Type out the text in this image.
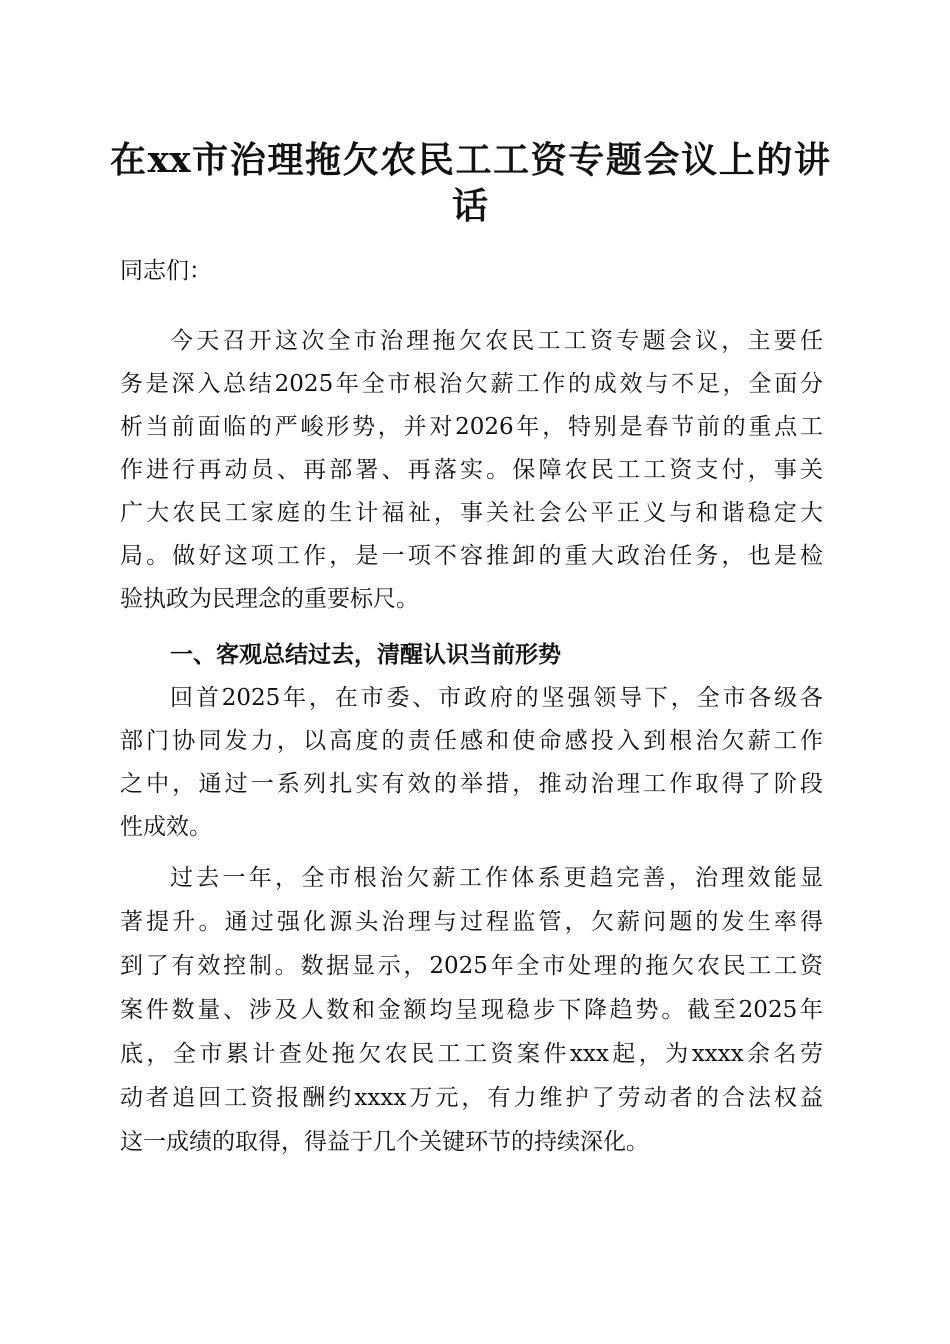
在xx市治理拖欠农民工工资专题会议上的讲
话
同志们：
今天召开这次全市治理拖欠农民工工资专题会议，主要任
务是深入总结2025年全市根治欠薪工作的成效与不足，全面分
析当前面临的严峻形势，并对2026年，特别是春节前的重点工
作进行再动员、再部署、再落实。保障农民工工资支付，事关
广大农民工家庭的生计福祉，事关社会公平正义与和谐稳定大
局。做好这项工作，是一项不容推卸的重大政治任务，也是检
验执政为民理念的重要标尺。
一、客观总结过去，清醒认识当前形势
回首2025年，在市委、市政府的坚强领导下，全市各级各
部门协同发力，以高度的责任感和使命感投入到根治欠薪工作
之中，通过一系列扎实有效的举措，推动治理工作取得了阶段
性成效。
过去一年，全市根治欠薪工作体系更趋完善，治理效能显
著提升。通过强化源头治理与过程监管，欠薪问题的发生率得
到了有效控制。数据显示，2025年全市处理的拖欠农民工工资
案件数量、涉及人数和金额均呈现稳步下降趋势。截至2025年
底，全市累计查处拖欠农民工工资案件xxx起，为xxxx余名劳
动者追回工资报酬约xxxx万元，有力维护了劳动者的合法权益
这一成绩的取得，得益于几个关键环节的持续深化。
